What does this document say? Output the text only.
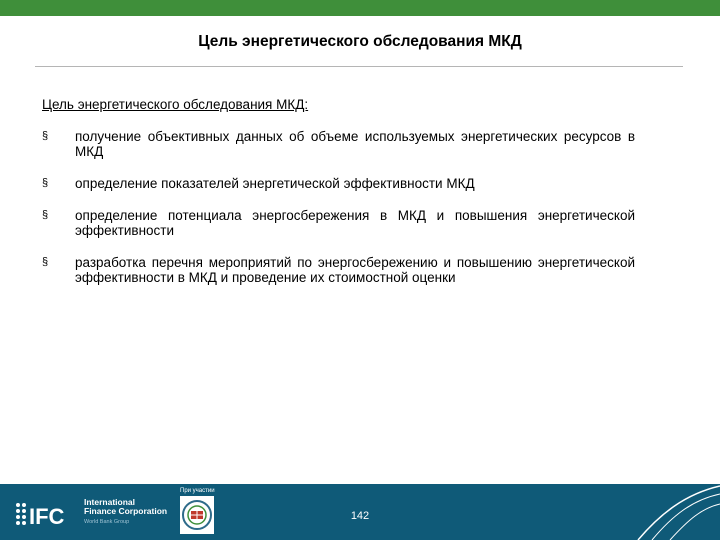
Цель энергетического обследования МКД
Цель энергетического обследования МКД:
§ получение объективных данных об объеме используемых энергетических ресурсов в МКД
§ определение показателей энергетической эффективности МКД
§ определение потенциала энергосбережения в МКД и повышения энергетической эффективности
§ разработка перечня мероприятий по энергосбережению и повышению энергетической эффективности в МКД и проведение их стоимостной оценки
IFC
International
Finance Corporation
World Bank Group
При участии
142
